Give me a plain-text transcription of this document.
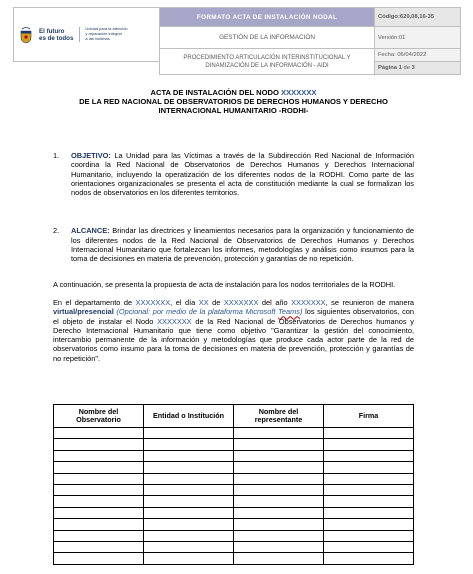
El futuro
es de todos
Unidad para la atención
y reparación integral
a las víctimas	FORMATO ACTA DE INSTALACIÓN NODAL	Código:620,08,16-35
	GESTIÓN DE LA INFORMACIÓN	Versión:01

	PROCEDIMIENTO ARTICULACIÓN INTERINSTITUCIONAL Y
DINAMIZACIÓN DE LA INFORMACIÓN - AIDI	Fecha: 06/04/2022
		Página 1 de 3
ACTA DE INSTALACIÓN DEL NODO XXXXXXX
DE LA RED NACIONAL DE OBSERVATORIOS DE DERECHOS HUMANOS Y DERECHO
INTERNACIONAL HUMANITARIO -RODHI-
1.	OBJETIVO: La Unidad para las Víctimas a través de la Subdirección Red Nacional de Información coordina la Red Nacional de Observatorios de Derechos Humanos y Derechos Internacional Humanitario, incluyendo la operatización de los diferentes nodos de la RODHI. Como parte de las orientaciones organizacionales se presenta el acta de constitución mediante la cual se formalizan los nodos de observatorios en los diferentes territorios.
2.	ALCANCE: Brindar las directrices y lineamientos necesarios para la organización y funcionamiento de los diferentes nodos de la Red Nacional de Observatorios de Derechos Humanos y Derechos Internacional Humanitario que fortalezcan los informes, metodologías y análisis como insumos para la toma de decisiones en materia de prevención, protección y garantías de no repetición.
A continuación, se presenta la propuesta de acta de instalación para los nodos territoriales de la RODHI.
En el departamento de XXXXXXX, el día XX de XXXXXXX del año XXXXXXX, se reunieron de manera virtual/presencial (Opcional: por medio de la plataforma Microsoft Teams) los siguientes observatorios, con el objeto de instalar el Nodo XXXXXXX de la Red Nacional de Observatorios de Derechos humanos y Derecho Internacional Humanitario que tiene como objetivo "Garantizar la gestión del conocimiento, intercambio permanente de la información y metodologías que produce cada actor parte de la red de observatorios como insumo para la toma de decisiones en materia de prevención, protección y garantías de no repetición".
Nombre del Observatorio	Entidad o Institución	Nombre del representante	Firma
